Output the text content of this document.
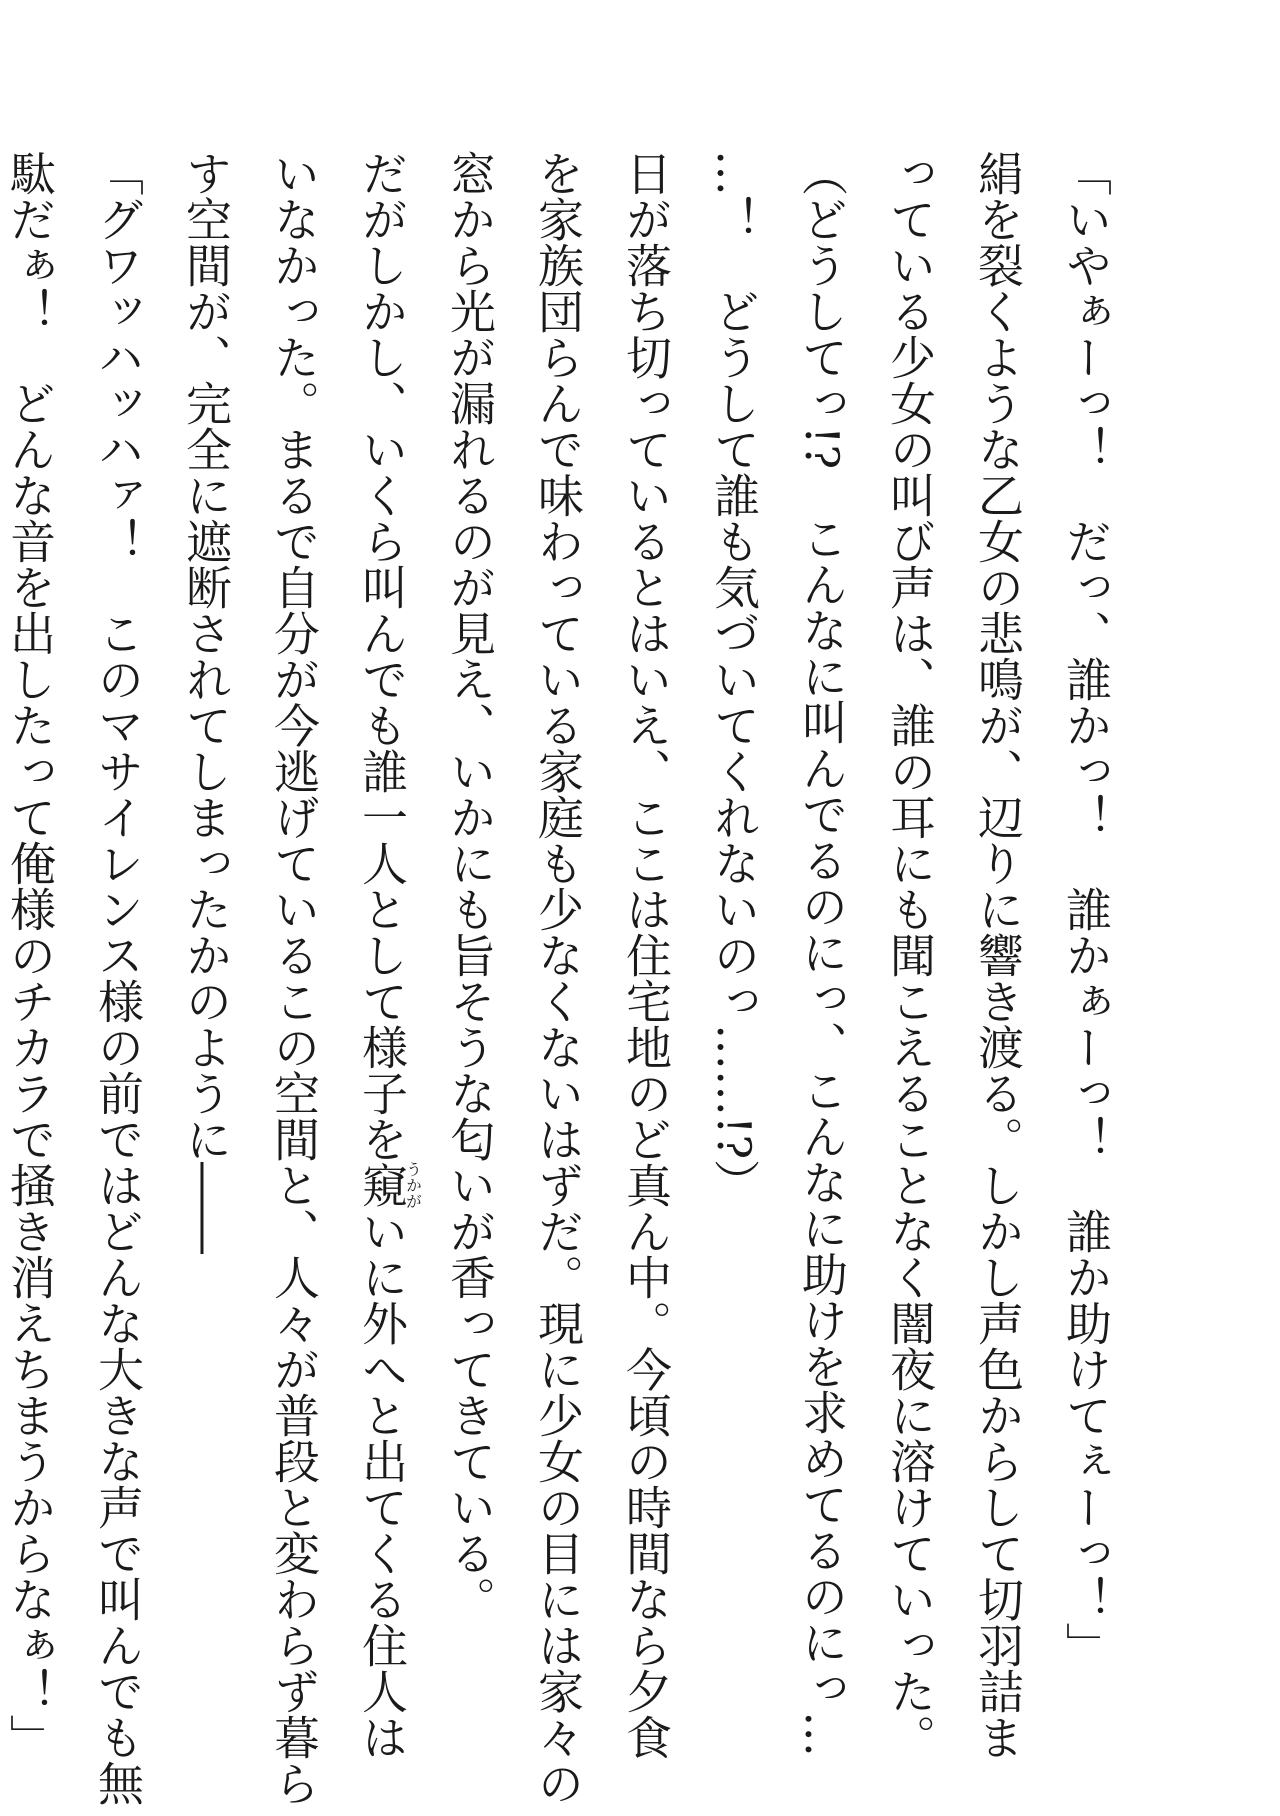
「いやぁーっ！　だっ、誰かっ！　誰かぁーっ！　誰か助けてぇーっ！」
絹を裂くような乙女の悲鳴が、辺りに響き渡る。しかし声色からして切羽詰ま
っている少女の叫び声は、誰の耳にも聞こえることなく闇夜に溶けていった。
（どうしてっ!?　こんなに叫んでるのにっ、こんなに助けを求めてるのにっ…
…！　どうして誰も気づいてくれないのっ……!?）
日が落ち切っているとはいえ、ここは住宅地のど真ん中。今頃の時間なら夕食
を家族団らんで味わっている家庭も少なくないはずだ。現に少女の目には家々の
窓から光が漏れるのが見え、いかにも旨そうな匂いが香ってきている。
だがしかし、いくら叫んでも誰一人として様子を窺うかがいに外へと出てくる住人は
いなかった。まるで自分が今逃げているこの空間と、人々が普段と変わらず暮ら
す空間が、完全に遮断されてしまったかのように――
「グワッハッハァ！　このマサイレンス様の前ではどんな大きな声で叫んでも無
駄だぁ！　どんな音を出したって俺様のチカラで掻き消えちまうからなぁ！」
